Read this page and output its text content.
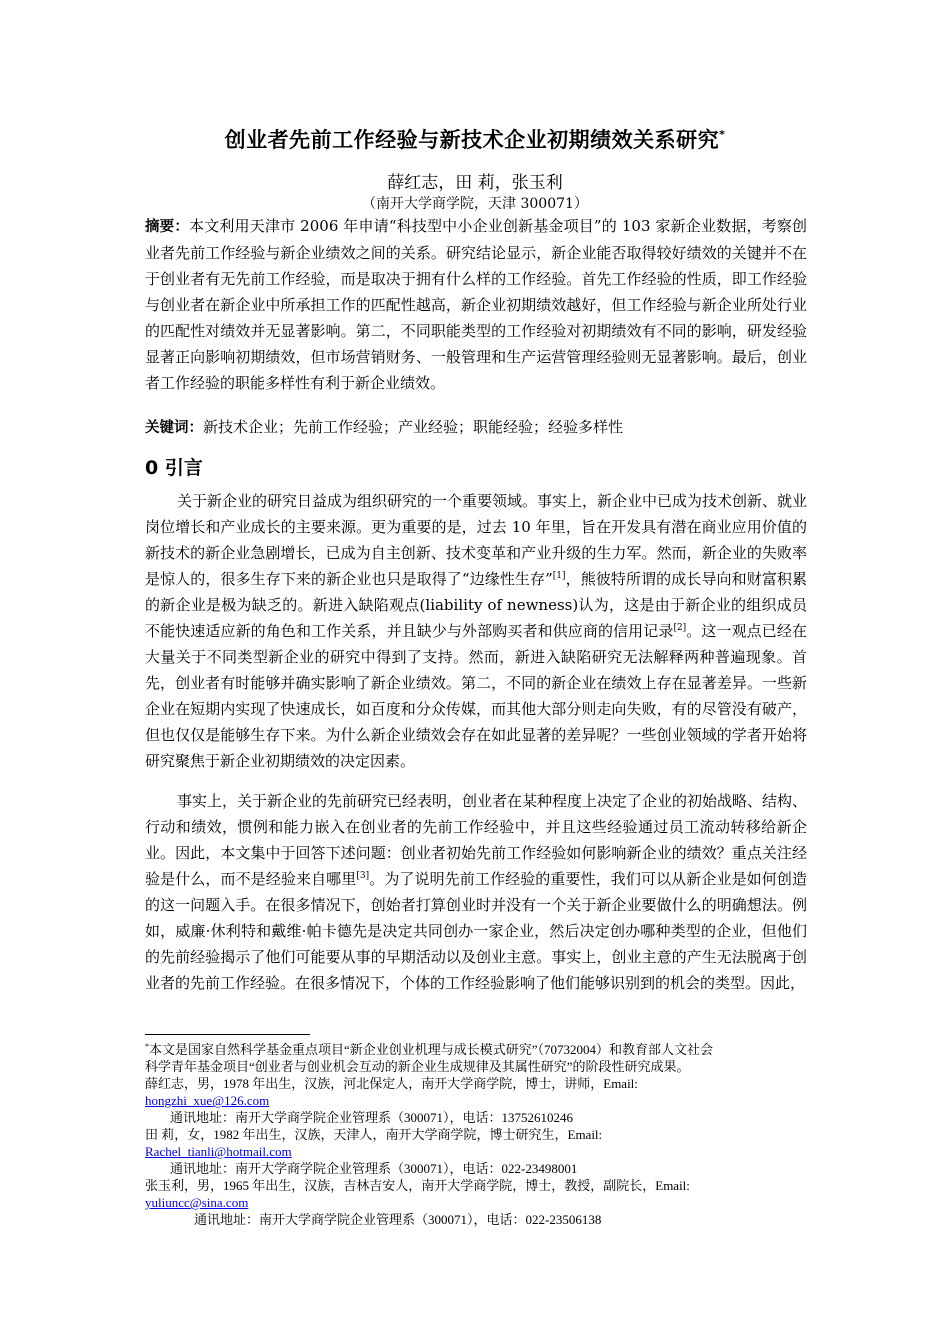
创业者先前工作经验与新技术企业初期绩效关系研究*
薛红志，田 莉，张玉利
（南开大学商学院，天津 300071）
摘要：本文利用天津市 2006 年申请“科技型中小企业创新基金项目”的 103 家新企业数据，考察创业者先前工作经验与新企业绩效之间的关系。研究结论显示，新企业能否取得较好绩效的关键并不在于创业者有无先前工作经验，而是取决于拥有什么样的工作经验。首先工作经验的性质，即工作经验与创业者在新企业中所承担工作的匹配性越高，新企业初期绩效越好，但工作经验与新企业所处行业的匹配性对绩效并无显著影响。第二，不同职能类型的工作经验对初期绩效有不同的影响，研发经验显著正向影响初期绩效，但市场营销财务、一般管理和生产运营管理经验则无显著影响。最后，创业者工作经验的职能多样性有利于新企业绩效。
关键词：新技术企业；先前工作经验；产业经验；职能经验；经验多样性
0 引言
关于新企业的研究日益成为组织研究的一个重要领域。事实上，新企业中已成为技术创新、就业岗位增长和产业成长的主要来源。更为重要的是，过去 10 年里，旨在开发具有潜在商业应用价值的新技术的新企业急剧增长，已成为自主创新、技术变革和产业升级的生力军。然而，新企业的失败率是惊人的，很多生存下来的新企业也只是取得了“边缘性生存”[1]，熊彼特所谓的成长导向和财富积累的新企业是极为缺乏的。新进入缺陷观点(liability of newness)认为，这是由于新企业的组织成员不能快速适应新的角色和工作关系，并且缺少与外部购买者和供应商的信用记录[2]。这一观点已经在大量关于不同类型新企业的研究中得到了支持。然而，新进入缺陷研究无法解释两种普遍现象。首先，创业者有时能够并确实影响了新企业绩效。第二，不同的新企业在绩效上存在显著差异。一些新企业在短期内实现了快速成长，如百度和分众传媒，而其他大部分则走向失败，有的尽管没有破产，但也仅仅是能够生存下来。为什么新企业绩效会存在如此显著的差异呢？一些创业领域的学者开始将研究聚焦于新企业初期绩效的决定因素。
事实上，关于新企业的先前研究已经表明，创业者在某种程度上决定了企业的初始战略、结构、行动和绩效，惯例和能力嵌入在创业者的先前工作经验中，并且这些经验通过员工流动转移给新企业。因此，本文集中于回答下述问题：创业者初始先前工作经验如何影响新企业的绩效？重点关注经验是什么，而不是经验来自哪里[3]。为了说明先前工作经验的重要性，我们可以从新企业是如何创造的这一问题入手。在很多情况下，创始者打算创业时并没有一个关于新企业要做什么的明确想法。例如，威廉·休利特和戴维·帕卡德先是决定共同创办一家企业，然后决定创办哪种类型的企业，但他们的先前经验揭示了他们可能要从事的早期活动以及创业主意。事实上，创业主意的产生无法脱离于创业者的先前工作经验。在很多情况下，个体的工作经验影响了他们能够识别到的机会的类型。因此，
*本文是国家自然科学基金重点项目“新企业创业机理与成长模式研究”（70732004）和教育部人文社会
科学青年基金项目“创业者与创业机会互动的新企业生成规律及其属性研究”的阶段性研究成果。
薛红志，男，1978 年出生，汉族，河北保定人，南开大学商学院，博士，讲师，Email:
hongzhi_xue@126.com
通讯地址：南开大学商学院企业管理系（300071），电话：13752610246
田 莉，女，1982 年出生，汉族，天津人，南开大学商学院，博士研究生，Email:
Rachel_tianli@hotmail.com
通讯地址：南开大学商学院企业管理系（300071），电话：022-23498001
张玉利，男，1965 年出生，汉族，吉林吉安人，南开大学商学院，博士，教授，副院长，Email:
yuliuncc@sina.com
通讯地址：南开大学商学院企业管理系（300071），电话：022-23506138
